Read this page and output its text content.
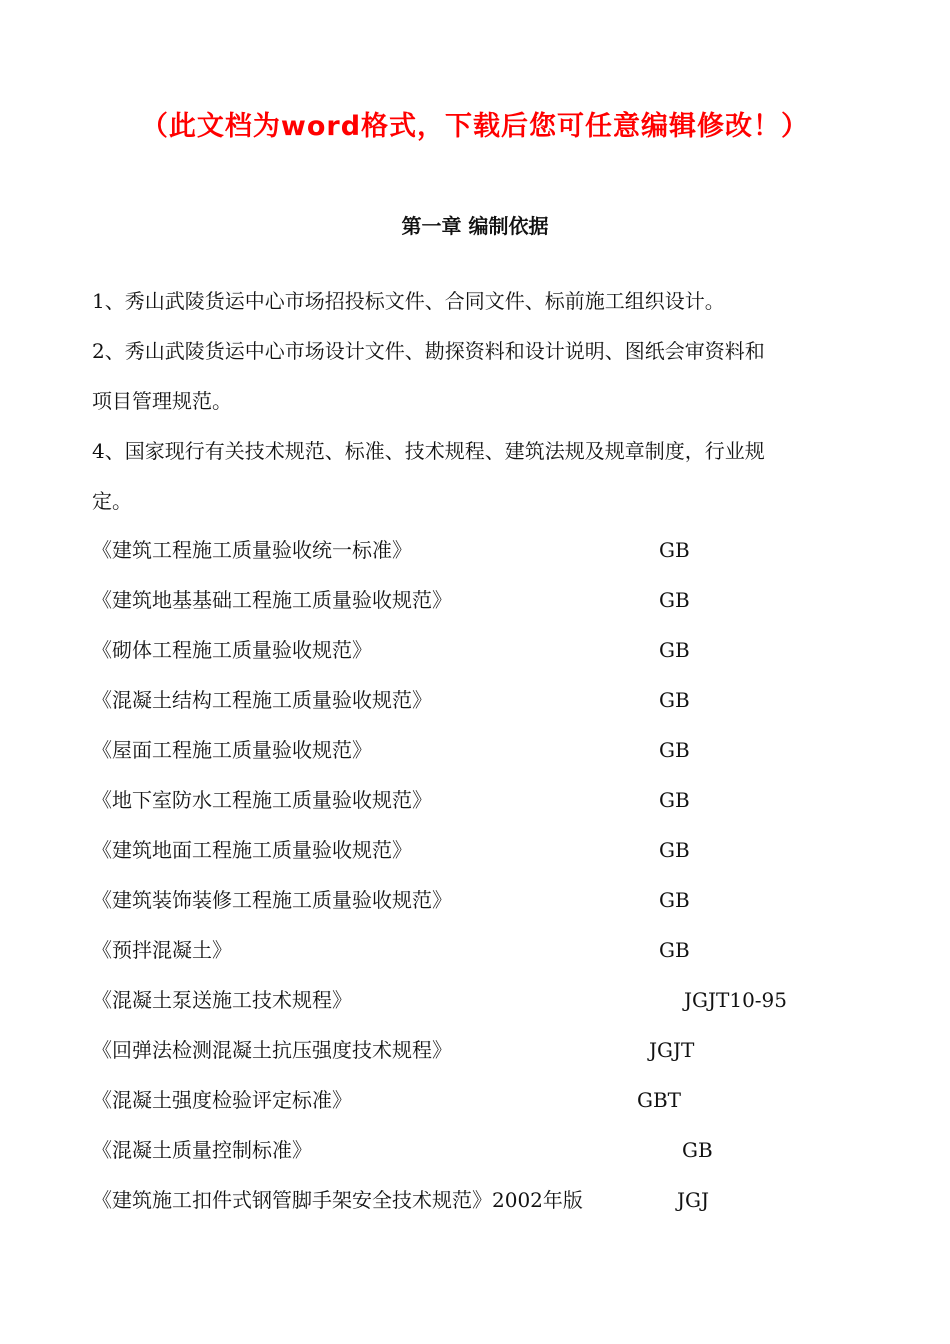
（此文档为word格式，下载后您可任意编辑修改！）
第一章 编制依据
1、秀山武陵货运中心市场招投标文件、合同文件、标前施工组织设计。
2、秀山武陵货运中心市场设计文件、勘探资料和设计说明、图纸会审资料和
项目管理规范。
4、国家现行有关技术规范、标准、技术规程、建筑法规及规章制度，行业规
定。
《建筑工程施工质量验收统一标准》	GB
《建筑地基基础工程施工质量验收规范》	GB
《砌体工程施工质量验收规范》	GB
《混凝土结构工程施工质量验收规范》	GB
《屋面工程施工质量验收规范》	GB
《地下室防水工程施工质量验收规范》	GB
《建筑地面工程施工质量验收规范》	GB
《建筑装饰装修工程施工质量验收规范》	GB
《预拌混凝土》	GB
《混凝土泵送施工技术规程》	JGJT10-95
《回弹法检测混凝土抗压强度技术规程》	JGJT
《混凝土强度检验评定标准》	GBT
《混凝土质量控制标准》	GB
《建筑施工扣件式钢管脚手架安全技术规范》2002年版	JGJ
